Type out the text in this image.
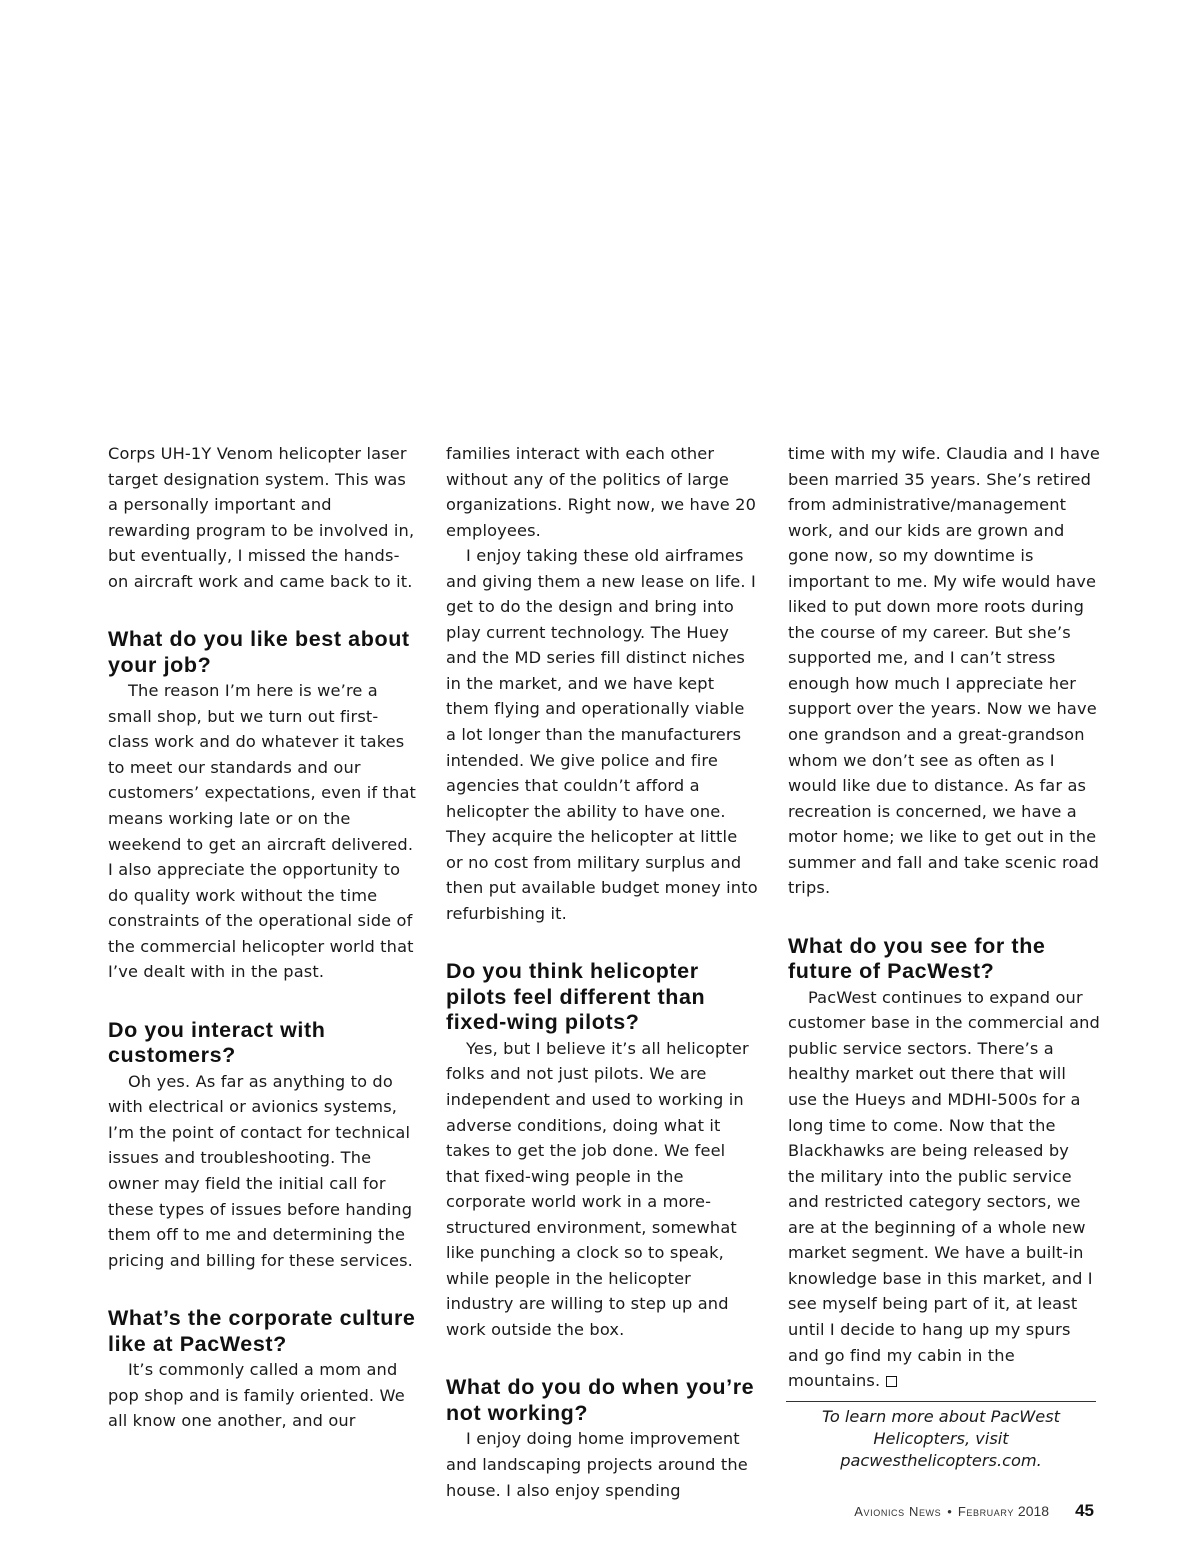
Corps UH-1Y Venom helicopter laser target designation system. This was a personally important and rewarding program to be involved in, but eventually, I missed the hands-on aircraft work and came back to it.

What do you like best about your job?

The reason I’m here is we’re a small shop, but we turn out first-class work and do whatever it takes to meet our standards and our customers’ expectations, even if that means working late or on the weekend to get an aircraft delivered. I also appreciate the opportunity to do quality work without the time constraints of the operational side of the commercial helicopter world that I’ve dealt with in the past.

Do you interact with customers?

Oh yes. As far as anything to do with electrical or avionics systems, I’m the point of contact for technical issues and troubleshooting. The owner may field the initial call for these types of issues before handing them off to me and determining the pricing and billing for these services.

What’s the corporate culture like at PacWest?

It’s commonly called a mom and pop shop and is family oriented. We all know one another, and our

families interact with each other without any of the politics of large organizations. Right now, we have 20 employees.

I enjoy taking these old airframes and giving them a new lease on life. I get to do the design and bring into play current technology. The Huey and the MD series fill distinct niches in the market, and we have kept them flying and operationally viable a lot longer than the manufacturers intended. We give police and fire agencies that couldn’t afford a helicopter the ability to have one. They acquire the helicopter at little or no cost from military surplus and then put available budget money into refurbishing it.

Do you think helicopter pilots feel different than fixed-wing pilots?

Yes, but I believe it’s all helicopter folks and not just pilots. We are independent and used to working in adverse conditions, doing what it takes to get the job done. We feel that fixed-wing people in the corporate world work in a more-structured environment, somewhat like punching a clock so to speak, while people in the helicopter industry are willing to step up and work outside the box.

What do you do when you’re not working?

I enjoy doing home improvement and landscaping projects around the house. I also enjoy spending

time with my wife. Claudia and I have been married 35 years. She’s retired from administrative/management work, and our kids are grown and gone now, so my downtime is important to me. My wife would have liked to put down more roots during the course of my career. But she’s supported me, and I can’t stress enough how much I appreciate her support over the years. Now we have one grandson and a great-grandson whom we don’t see as often as I would like due to distance. As far as recreation is concerned, we have a motor home; we like to get out in the summer and fall and take scenic road trips.

What do you see for the future of PacWest?

PacWest continues to expand our customer base in the commercial and public service sectors. There’s a healthy market out there that will use the Hueys and MDHI-500s for a long time to come. Now that the Blackhawks are being released by the military into the public service and restricted category sectors, we are at the beginning of a whole new market segment. We have a built-in knowledge base in this market, and I see myself being part of it, at least until I decide to hang up my spurs and go find my cabin in the mountains.

To learn more about PacWest
Helicopters, visit
pacwesthelicopters.com.
Avionics News • February 2018 45
